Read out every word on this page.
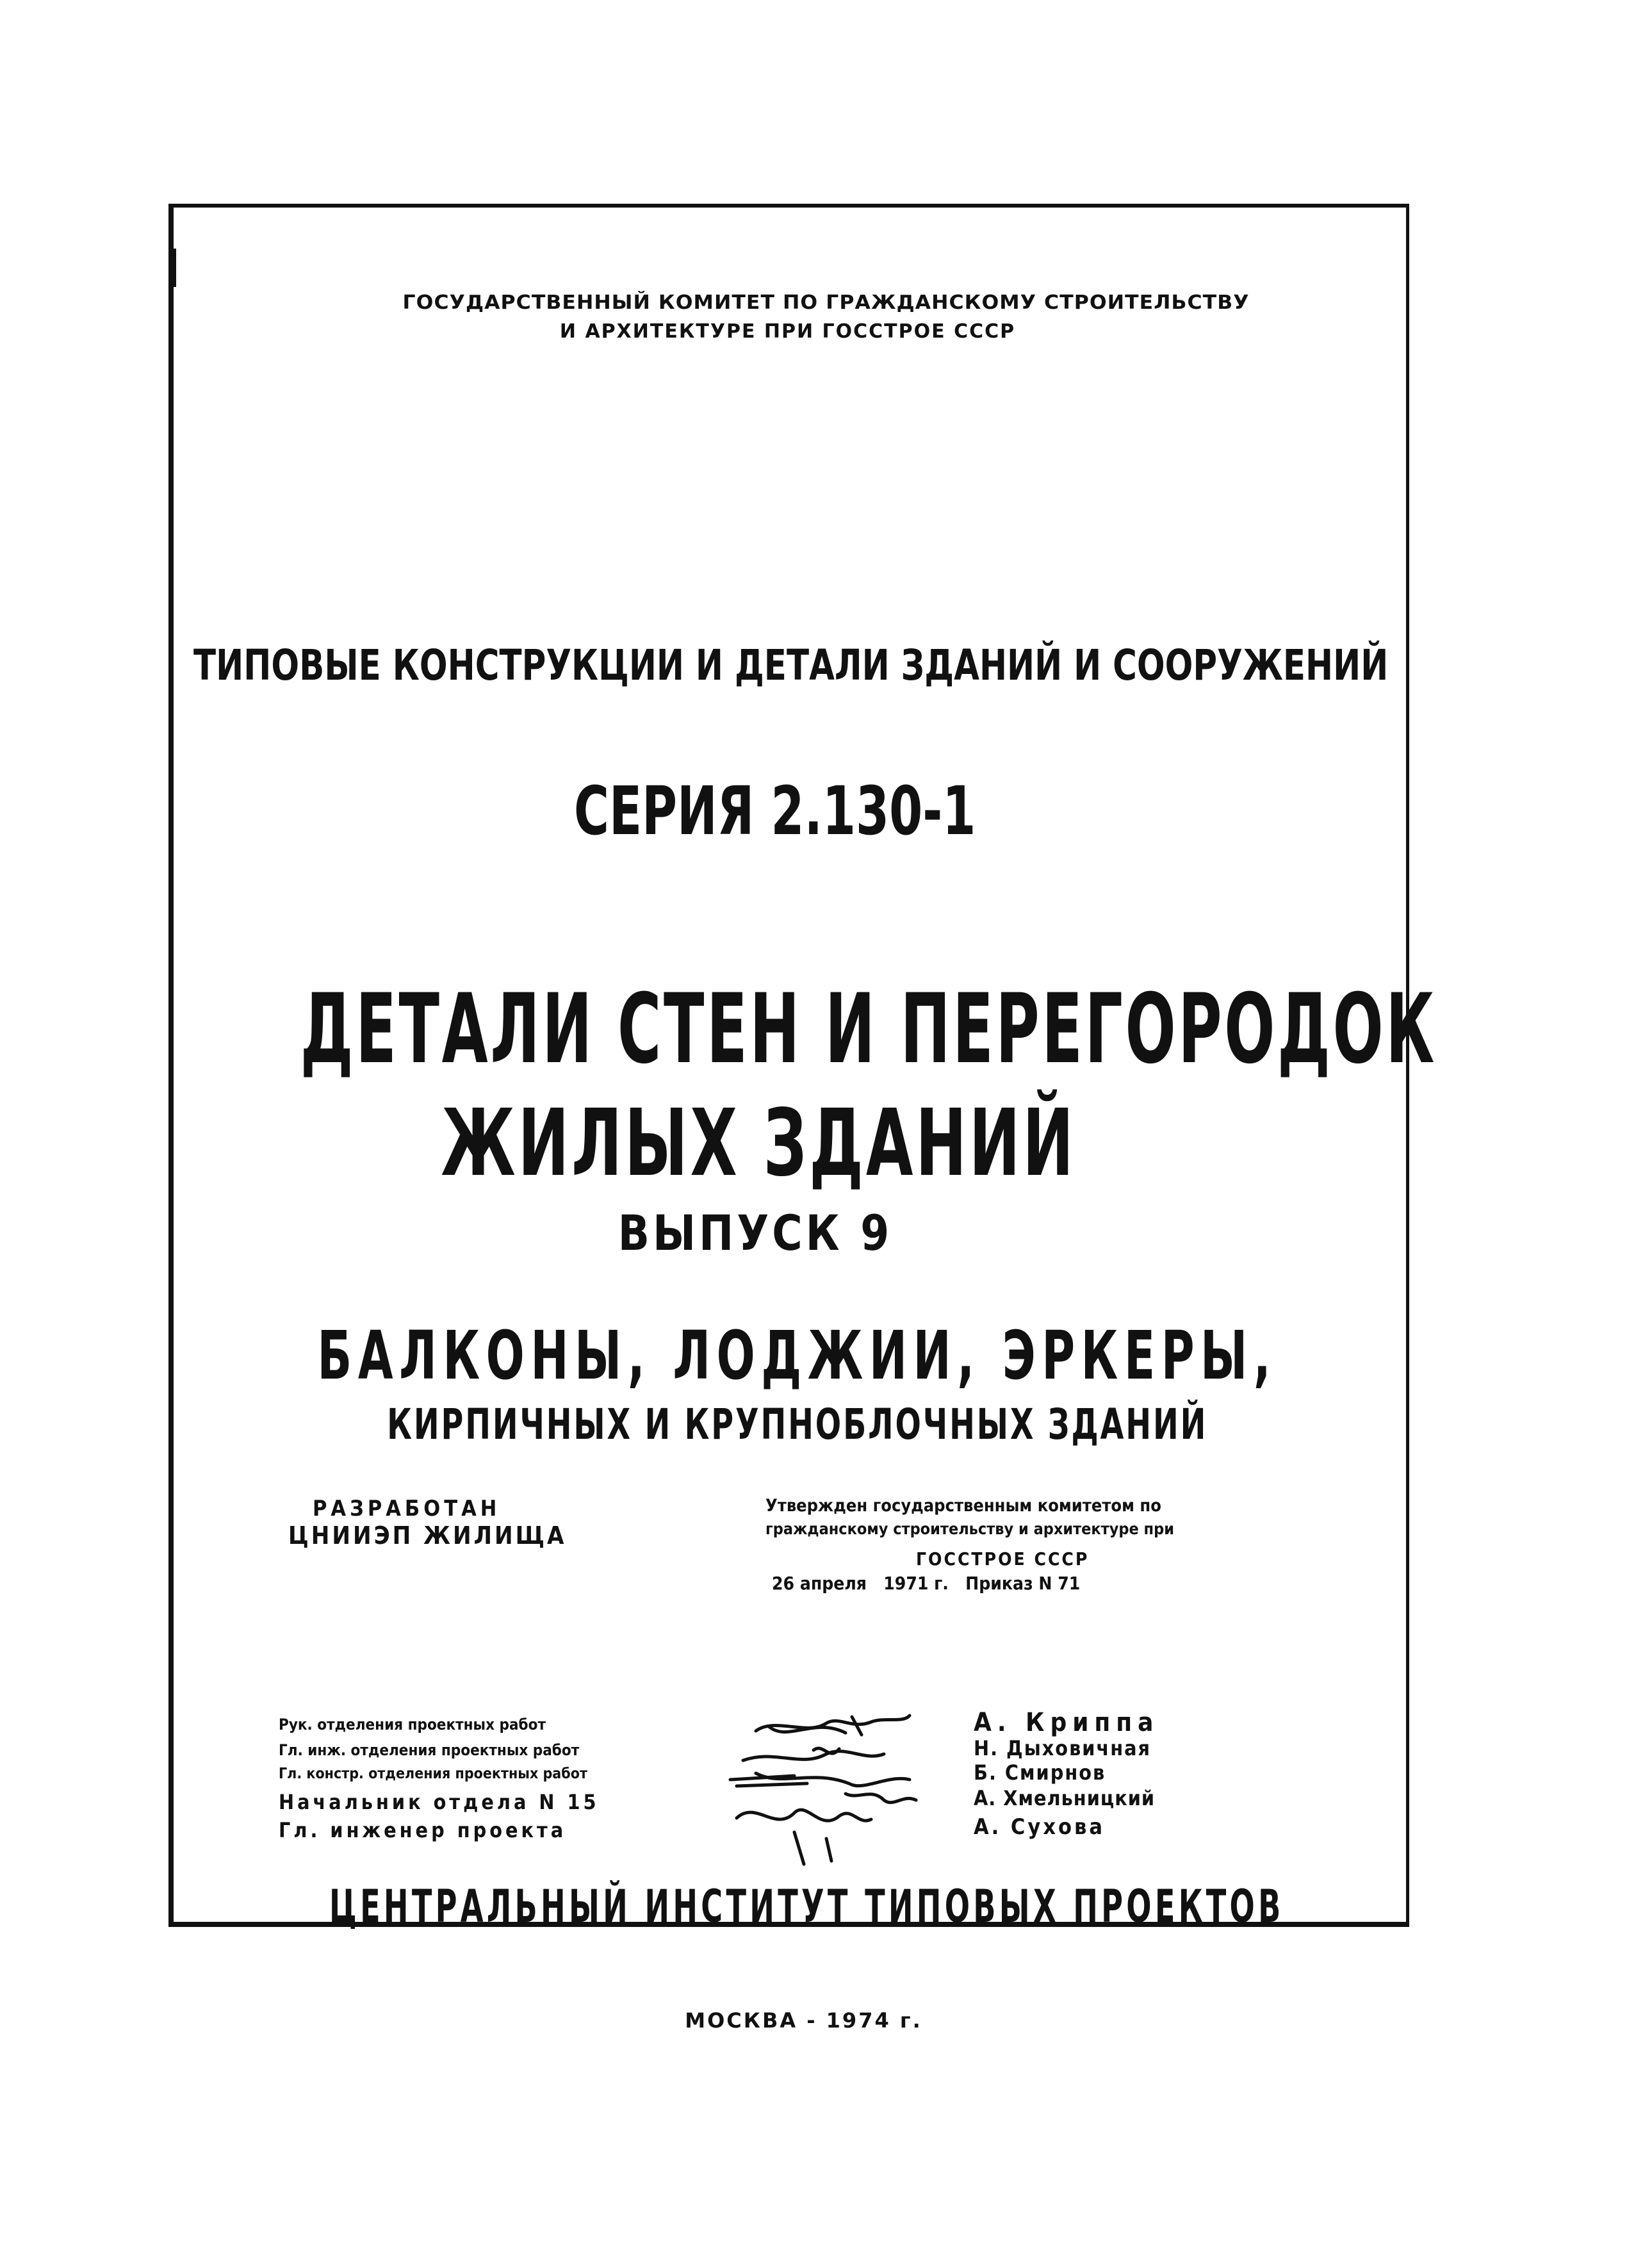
ГОСУДАРСТВЕННЫЙ КОМИТЕТ ПО ГРАЖДАНСКОМУ СТРОИТЕЛЬСТВУ
И АРХИТЕКТУРЕ ПРИ ГОССТРОЕ СССР
ТИПОВЫЕ КОНСТРУКЦИИ И ДЕТАЛИ ЗДАНИЙ И СООРУЖЕНИЙ
СЕРИЯ 2.130-1
ДЕТАЛИ СТЕН И ПЕРЕГОРОДОК
ЖИЛЫХ ЗДАНИЙ
ВЫПУСК 9
БАЛКОНЫ, ЛОДЖИИ, ЭРКЕРЫ,
КИРПИЧНЫХ И КРУПНОБЛОЧНЫХ ЗДАНИЙ
РАЗРАБОТАН
ЦНИИЭП ЖИЛИЩА
Утвержден государственным комитетом по
гражданскому строительству и архитектуре при
ГОССТРОЕ СССР
26 апреля   1971 г.   Приказ N 71
Рук. отделения проектных работ
Гл. инж. отделения проектных работ
Гл. констр. отделения проектных работ
Начальник отдела N 15
Гл. инженер проекта
А. Криппа
Н. Дыховичная
Б. Смирнов
А. Хмельницкий
А. Сухова
ЦЕНТРАЛЬНЫЙ ИНСТИТУТ ТИПОВЫХ ПРОЕКТОВ
МОСКВА - 1974 г.
